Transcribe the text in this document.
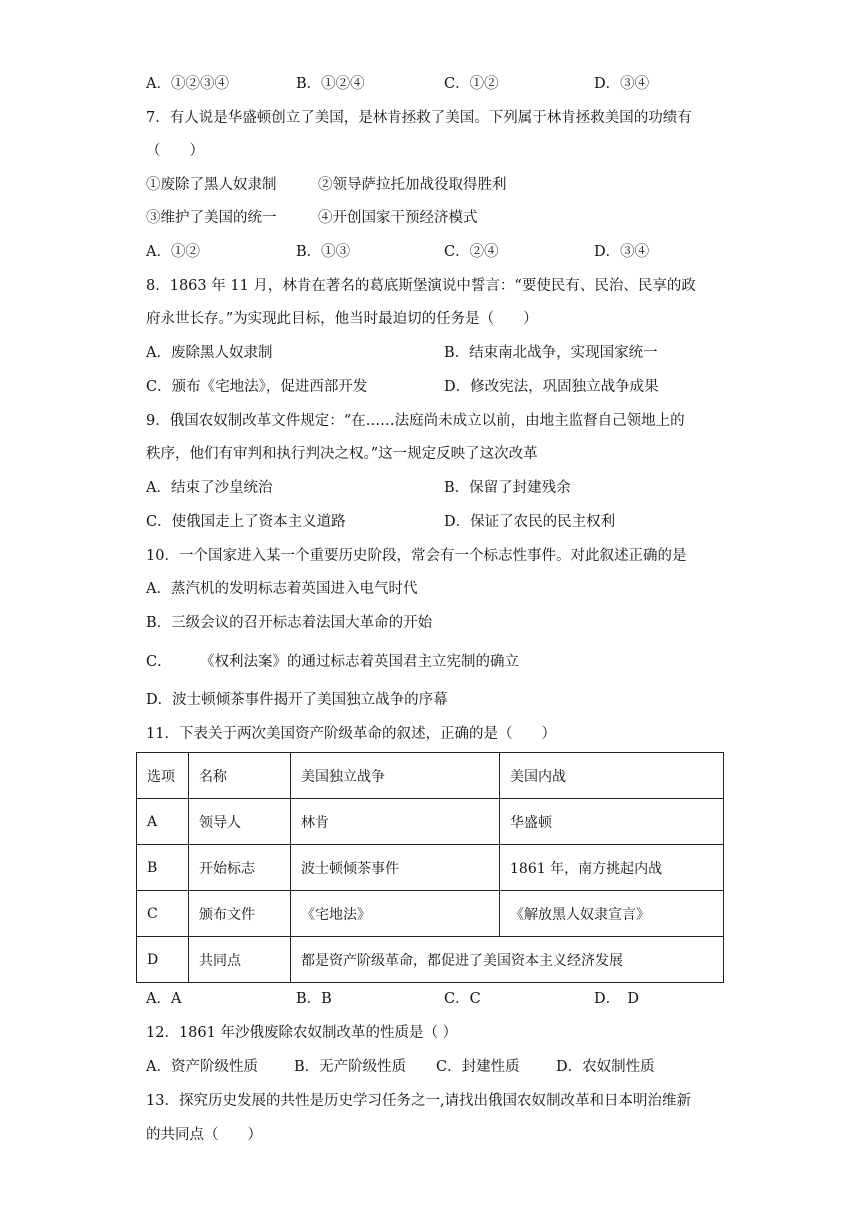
A．①②③④	B．①②④	C．①②	D．③④
7．有人说是华盛顿创立了美国，是林肯拯救了美国。下列属于林肯拯救美国的功绩有
（　　）
①废除了黑人奴隶制	②领导萨拉托加战役取得胜利
③维护了美国的统一	④开创国家干预经济模式
A．①②	B．①③	C．②④	D．③④
8．1863 年 11 月，林肯在著名的葛底斯堡演说中誓言：“要使民有、民治、民享的政
府永世长存。”为实现此目标，他当时最迫切的任务是（　　）
A．废除黑人奴隶制	B．结束南北战争，实现国家统一
C．颁布《宅地法》，促进西部开发	D．修改宪法，巩固独立战争成果
9．俄国农奴制改革文件规定：“在……法庭尚未成立以前，由地主监督自己领地上的
秩序，他们有审判和执行判决之权。”这一规定反映了这次改革
A．结束了沙皇统治	B．保留了封建残余
C．使俄国走上了资本主义道路	D．保证了农民的民主权利
10．一个国家进入某一个重要历史阶段，常会有一个标志性事件。对此叙述正确的是
A．蒸汽机的发明标志着英国进入电气时代
B．三级会议的召开标志着法国大革命的开始
C． 《权利法案》的通过标志着英国君主立宪制的确立
D．波士顿倾茶事件揭开了美国独立战争的序幕
11．下表关于两次美国资产阶级革命的叙述，正确的是（　　）
选项	名称	美国独立战争	美国内战
A	领导人	林肯	华盛顿
B	开始标志	波士顿倾茶事件	1861 年，南方挑起内战
C	颁布文件	《宅地法》	《解放黑人奴隶宣言》
D	共同点	都是资产阶级革命，都促进了美国资本主义经济发展	
A．A	B．B	C．C	D．　D
12．1861 年沙俄废除农奴制改革的性质是（ ）
A．资产阶级性质 B．无产阶级性质 C．封建性质	D．农奴制性质
13．探究历史发展的共性是历史学习任务之一,请找出俄国农奴制改革和日本明治维新
的共同点（　　）
